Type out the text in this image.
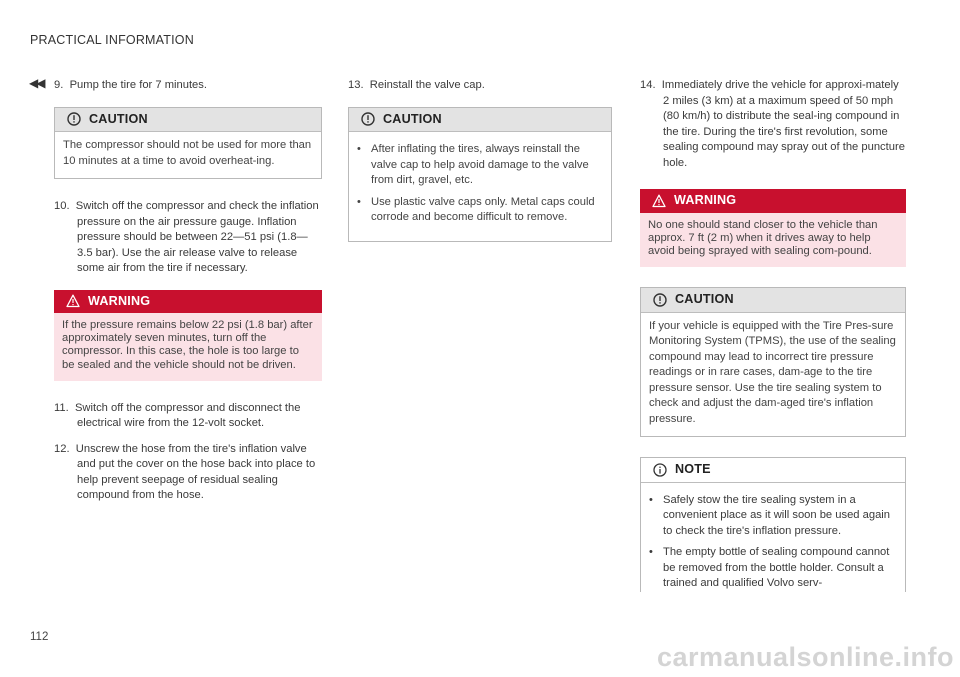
PRACTICAL INFORMATION
◀◀ 9. Pump the tire for 7 minutes.
CAUTION
The compressor should not be used for more than 10 minutes at a time to avoid overheat-ing.
10. Switch off the compressor and check the inflation pressure on the air pressure gauge. Inflation pressure should be between 22—51 psi (1.8—3.5 bar). Use the air release valve to release some air from the tire if necessary.
WARNING
If the pressure remains below 22 psi (1.8 bar) after approximately seven minutes, turn off the compressor. In this case, the hole is too large to be sealed and the vehicle should not be driven.
11. Switch off the compressor and disconnect the electrical wire from the 12-volt socket.
12. Unscrew the hose from the tire's inflation valve and put the cover on the hose back into place to help prevent seepage of residual sealing compound from the hose.
13. Reinstall the valve cap.
CAUTION
• After inflating the tires, always reinstall the valve cap to help avoid damage to the valve from dirt, gravel, etc.
• Use plastic valve caps only. Metal caps could corrode and become difficult to remove.
14. Immediately drive the vehicle for approxi-mately 2 miles (3 km) at a maximum speed of 50 mph (80 km/h) to distribute the seal-ing compound in the tire. During the tire's first revolution, some sealing compound may spray out of the puncture hole.
WARNING
No one should stand closer to the vehicle than approx. 7 ft (2 m) when it drives away to help avoid being sprayed with sealing com-pound.
CAUTION
If your vehicle is equipped with the Tire Pres-sure Monitoring System (TPMS), the use of the sealing compound may lead to incorrect tire pressure readings or in rare cases, dam-age to the tire pressure sensor. Use the tire sealing system to check and adjust the dam-aged tire's inflation pressure.
NOTE
• Safely stow the tire sealing system in a convenient place as it will soon be used again to check the tire's inflation pressure.
• The empty bottle of sealing compound cannot be removed from the bottle holder. Consult a trained and qualified Volvo serv-
112
carmanualsonline.info
